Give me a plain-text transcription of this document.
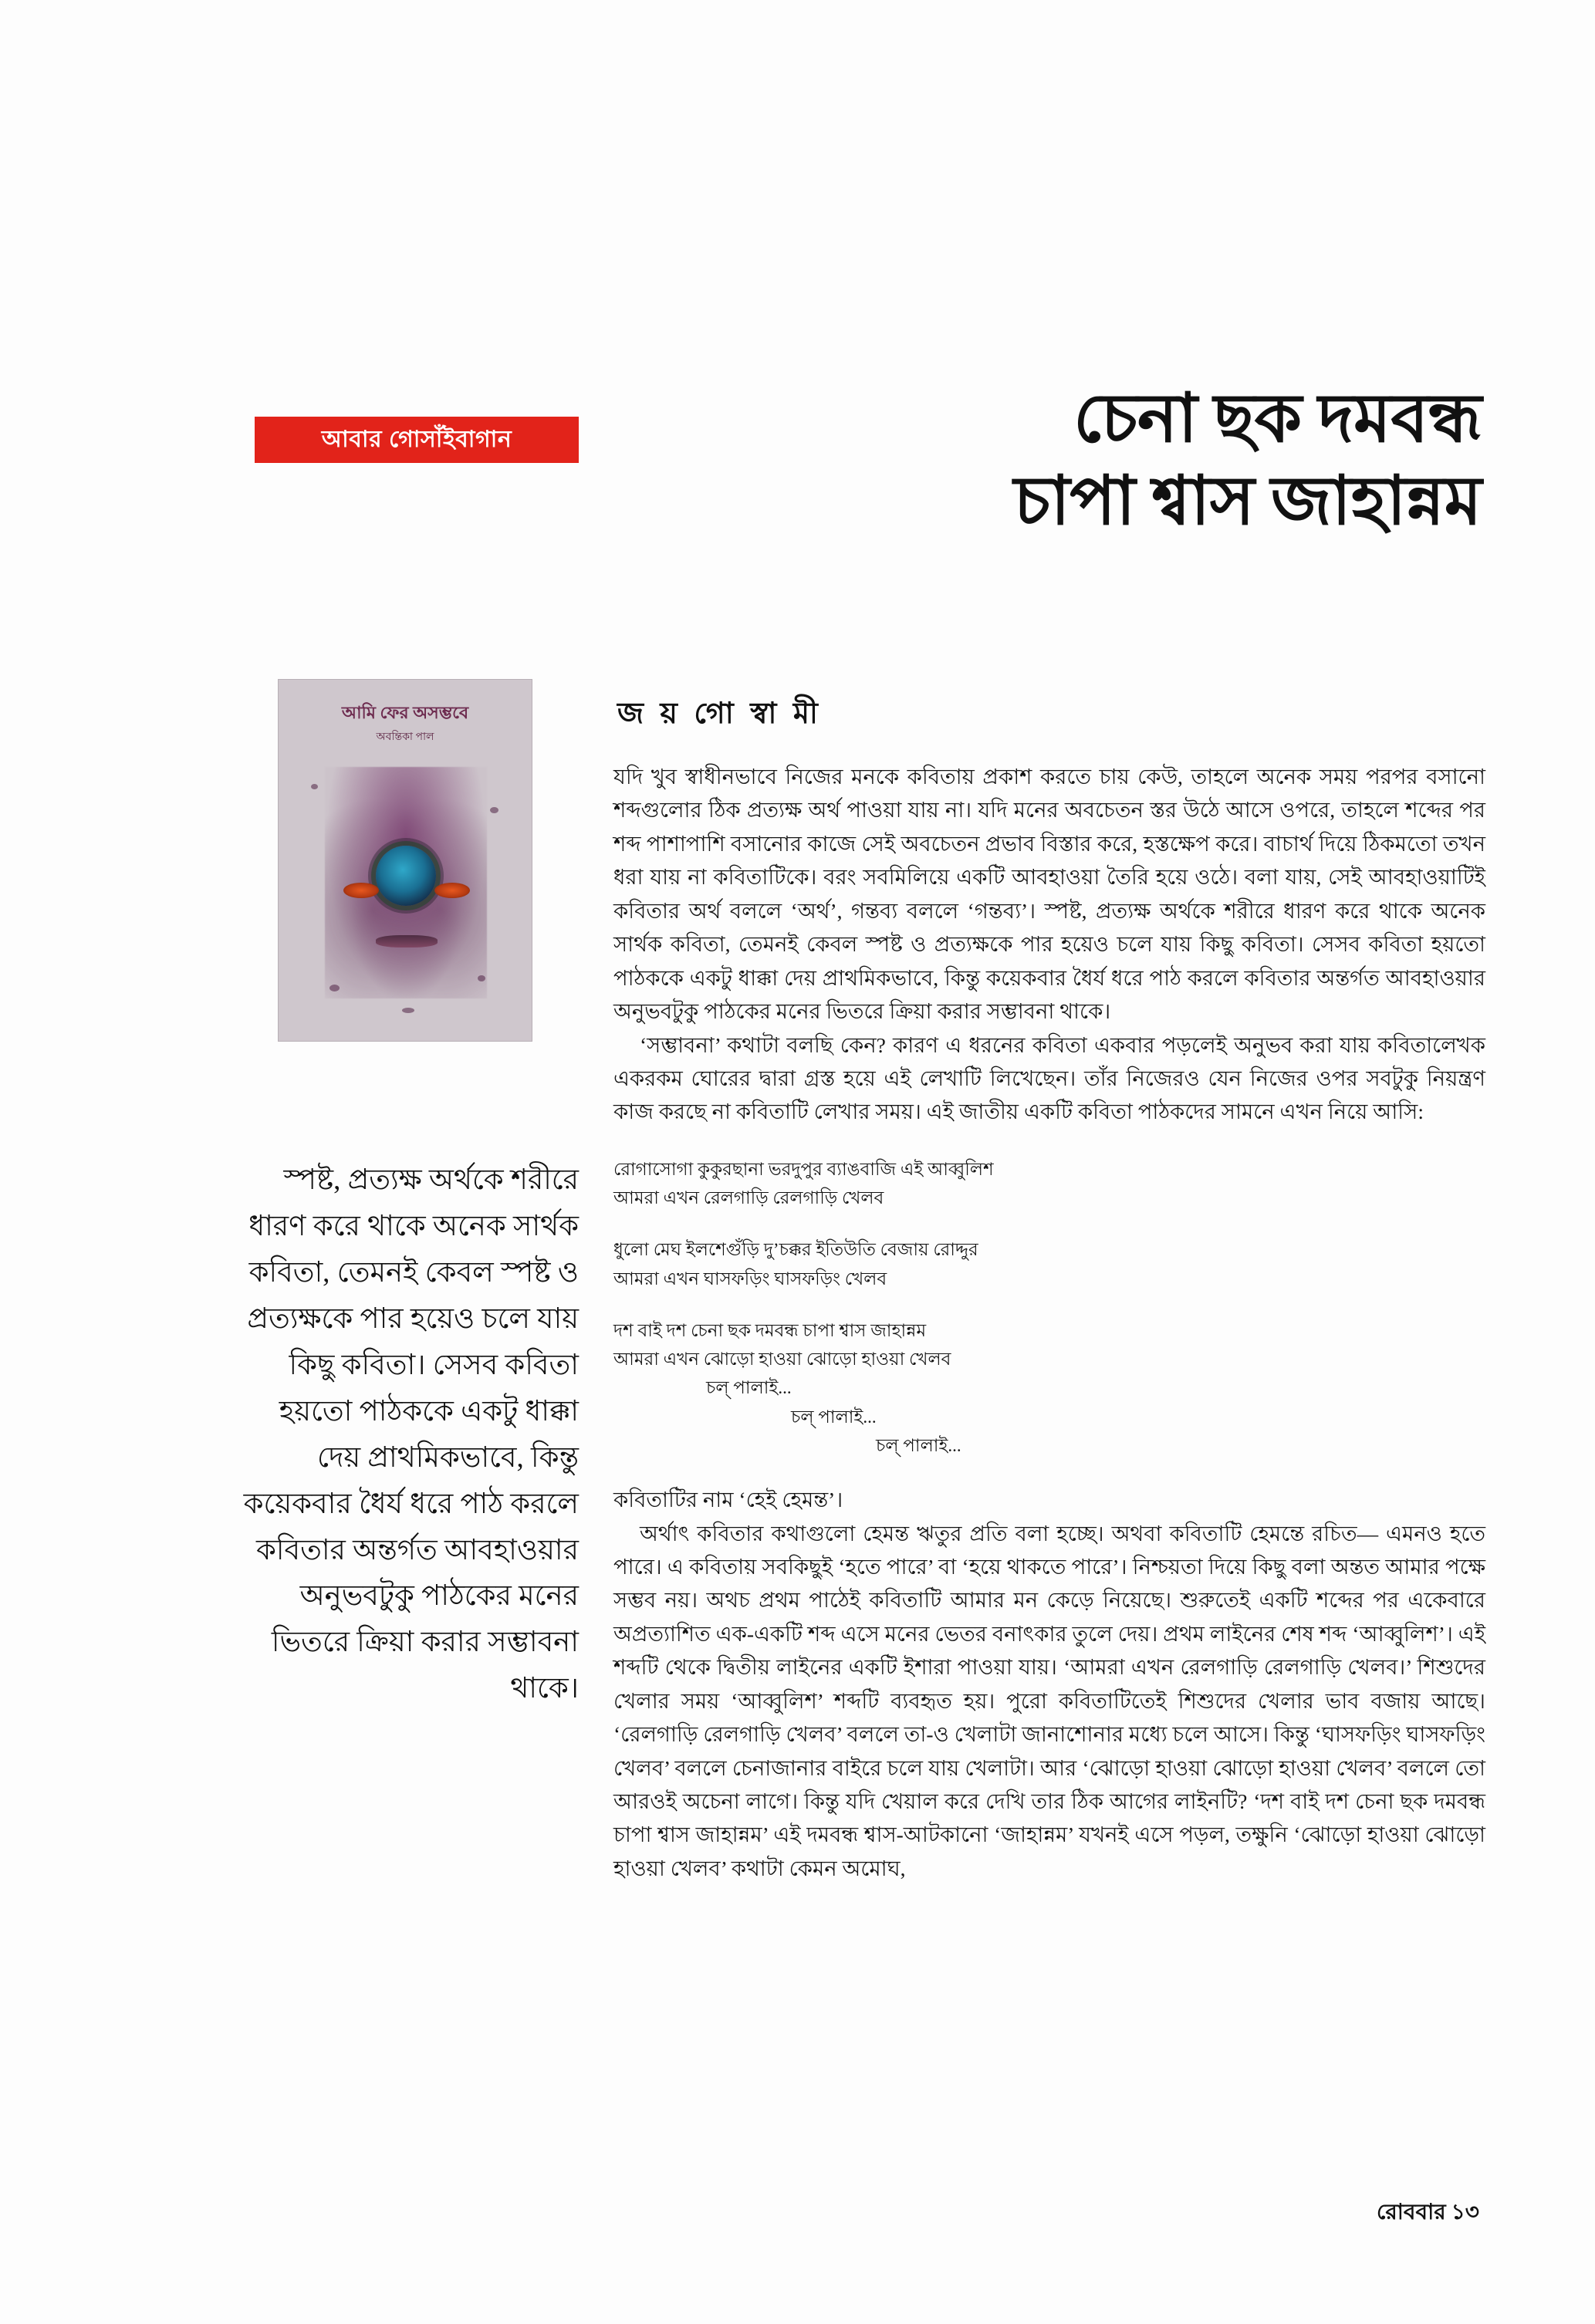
আবার গোসাঁইবাগান	চেনা ছক দমবন্ধ
চাপা শ্বাস জাহান্নম
জ য় গো স্বা মী
আমি ফের অসম্ভবে
অবন্তিকা পাল
স্পষ্ট, প্রত্যক্ষ অর্থকে শরীরে ধারণ করে থাকে অনেক সার্থক কবিতা, তেমনই কেবল স্পষ্ট ও প্রত্যক্ষকে পার হয়েও চলে যায় কিছু কবিতা। সেসব কবিতা হয়তো পাঠককে একটু ধাক্কা দেয় প্রাথমিকভাবে, কিন্তু কয়েকবার ধৈর্য ধরে পাঠ করলে কবিতার অন্তর্গত আবহাওয়ার অনুভবটুকু পাঠকের মনের ভিতরে ক্রিয়া করার সম্ভাবনা থাকে।

যদি খুব স্বাধীনভাবে নিজের মনকে কবিতায় প্রকাশ করতে চায় কেউ, তাহলে অনেক সময় পরপর বসানো শব্দগুলোর ঠিক প্রত্যক্ষ অর্থ পাওয়া যায় না। যদি মনের অবচেতন স্তর উঠে আসে ওপরে, তাহলে শব্দের পর শব্দ পাশাপাশি বসানোর কাজে সেই অবচেতন প্রভাব বিস্তার করে, হস্তক্ষেপ করে। বাচার্থ দিয়ে ঠিকমতো তখন ধরা যায় না কবিতাটিকে। বরং সবমিলিয়ে একটি আবহাওয়া তৈরি হয়ে ওঠে। বলা যায়, সেই আবহাওয়াটিই কবিতার অর্থ বললে ‘অর্থ’, গন্তব্য বললে ‘গন্তব্য’। স্পষ্ট, প্রত্যক্ষ অর্থকে শরীরে ধারণ করে থাকে অনেক সার্থক কবিতা, তেমনই কেবল স্পষ্ট ও প্রত্যক্ষকে পার হয়েও চলে যায় কিছু কবিতা। সেসব কবিতা হয়তো পাঠককে একটু ধাক্কা দেয় প্রাথমিকভাবে, কিন্তু কয়েকবার ধৈর্য ধরে পাঠ করলে কবিতার অন্তর্গত আবহাওয়ার অনুভবটুকু পাঠকের মনের ভিতরে ক্রিয়া করার সম্ভাবনা থাকে।

‘সম্ভাবনা’ কথাটা বলছি কেন? কারণ এ ধরনের কবিতা একবার পড়লেই অনুভব করা যায় কবিতালেখক একরকম ঘোরের দ্বারা গ্রস্ত হয়ে এই লেখাটি লিখেছেন। তাঁর নিজেরও যেন নিজের ওপর সবটুকু নিয়ন্ত্রণ কাজ করছে না কবিতাটি লেখার সময়। এই জাতীয় একটি কবিতা পাঠকদের সামনে এখন নিয়ে আসি:

রোগাসোগা কুকুরছানা ভরদুপুর ব্যাঙবাজি এই আব্বুলিশ
আমরা এখন রেলগাড়ি রেলগাড়ি খেলব
ধুলো মেঘ ইলশেগুঁড়ি দু’চক্কর ইতিউতি বেজায় রোদ্দুর
আমরা এখন ঘাসফড়িং ঘাসফড়িং খেলব
দশ বাই দশ চেনা ছক দমবন্ধ চাপা শ্বাস জাহান্নম
আমরা এখন ঝোড়ো হাওয়া ঝোড়ো হাওয়া খেলব
চল্‌ পালাই...
চল্‌ পালাই...
চল্‌ পালাই...

কবিতাটির নাম ‘হেই হেমন্ত’।

অর্থাৎ কবিতার কথাগুলো হেমন্ত ঋতুর প্রতি বলা হচ্ছে। অথবা কবিতাটি হেমন্তে রচিত— এমনও হতে পারে। এ কবিতায় সবকিছুই ‘হতে পারে’ বা ‘হয়ে থাকতে পারে’। নিশ্চয়তা দিয়ে কিছু বলা অন্তত আমার পক্ষে সম্ভব নয়। অথচ প্রথম পাঠেই কবিতাটি আমার মন কেড়ে নিয়েছে। শুরুতেই একটি শব্দের পর একেবারে অপ্রত্যাশিত এক-একটি শব্দ এসে মনের ভেতর বনাৎকার তুলে দেয়। প্রথম লাইনের শেষ শব্দ ‘আব্বুলিশ’। এই শব্দটি থেকে দ্বিতীয় লাইনের একটি ইশারা পাওয়া যায়। ‘আমরা এখন রেলগাড়ি রেলগাড়ি খেলব।’ শিশুদের খেলার সময় ‘আব্বুলিশ’ শব্দটি ব্যবহৃত হয়। পুরো কবিতাটিতেই শিশুদের খেলার ভাব বজায় আছে। ‘রেলগাড়ি রেলগাড়ি খেলব’ বললে তা-ও খেলাটা জানাশোনার মধ্যে চলে আসে। কিন্তু ‘ঘাসফড়িং ঘাসফড়িং খেলব’ বললে চেনাজানার বাইরে চলে যায় খেলাটা। আর ‘ঝোড়ো হাওয়া ঝোড়ো হাওয়া খেলব’ বললে তো আরওই অচেনা লাগে। কিন্তু যদি খেয়াল করে দেখি তার ঠিক আগের লাইনটি? ‘দশ বাই দশ চেনা ছক দমবন্ধ চাপা শ্বাস জাহান্নম’ এই দমবন্ধ শ্বাস-আটকানো ‘জাহান্নম’ যখনই এসে পড়ল, তক্ষুনি ‘ঝোড়ো হাওয়া ঝোড়ো হাওয়া খেলব’ কথাটা কেমন অমোঘ,

রোববার ১৩
